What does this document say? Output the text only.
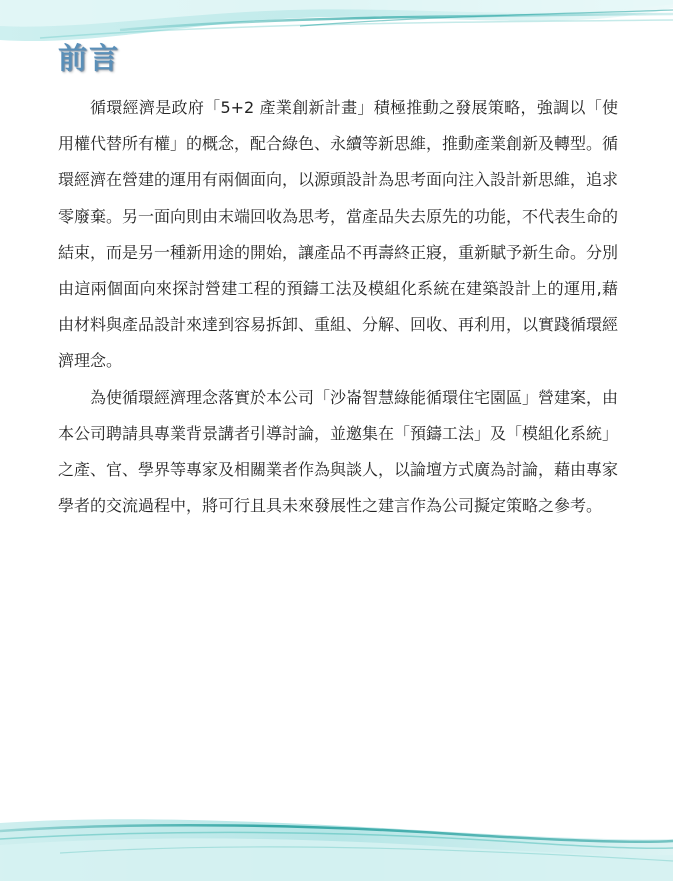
前言

循環經濟是政府「5+2 產業創新計畫」積極推動之發展策略，強調以「使用權代替所有權」的概念，配合綠色、永續等新思維，推動產業創新及轉型。循環經濟在營建的運用有兩個面向，以源頭設計為思考面向注入設計新思維，追求零廢棄。另一面向則由末端回收為思考，當產品失去原先的功能，不代表生命的結束，而是另一種新用途的開始，讓產品不再壽終正寢，重新賦予新生命。分別由這兩個面向來探討營建工程的預鑄工法及模組化系統在建築設計上的運用,藉由材料與產品設計來達到容易拆卸、重組、分解、回收、再利用，以實踐循環經濟理念。

為使循環經濟理念落實於本公司「沙崙智慧綠能循環住宅園區」營建案，由本公司聘請具專業背景講者引導討論，並邀集在「預鑄工法」及「模組化系統」之產、官、學界等專家及相關業者作為與談人，以論壇方式廣為討論，藉由專家學者的交流過程中，將可行且具未來發展性之建言作為公司擬定策略之參考。
